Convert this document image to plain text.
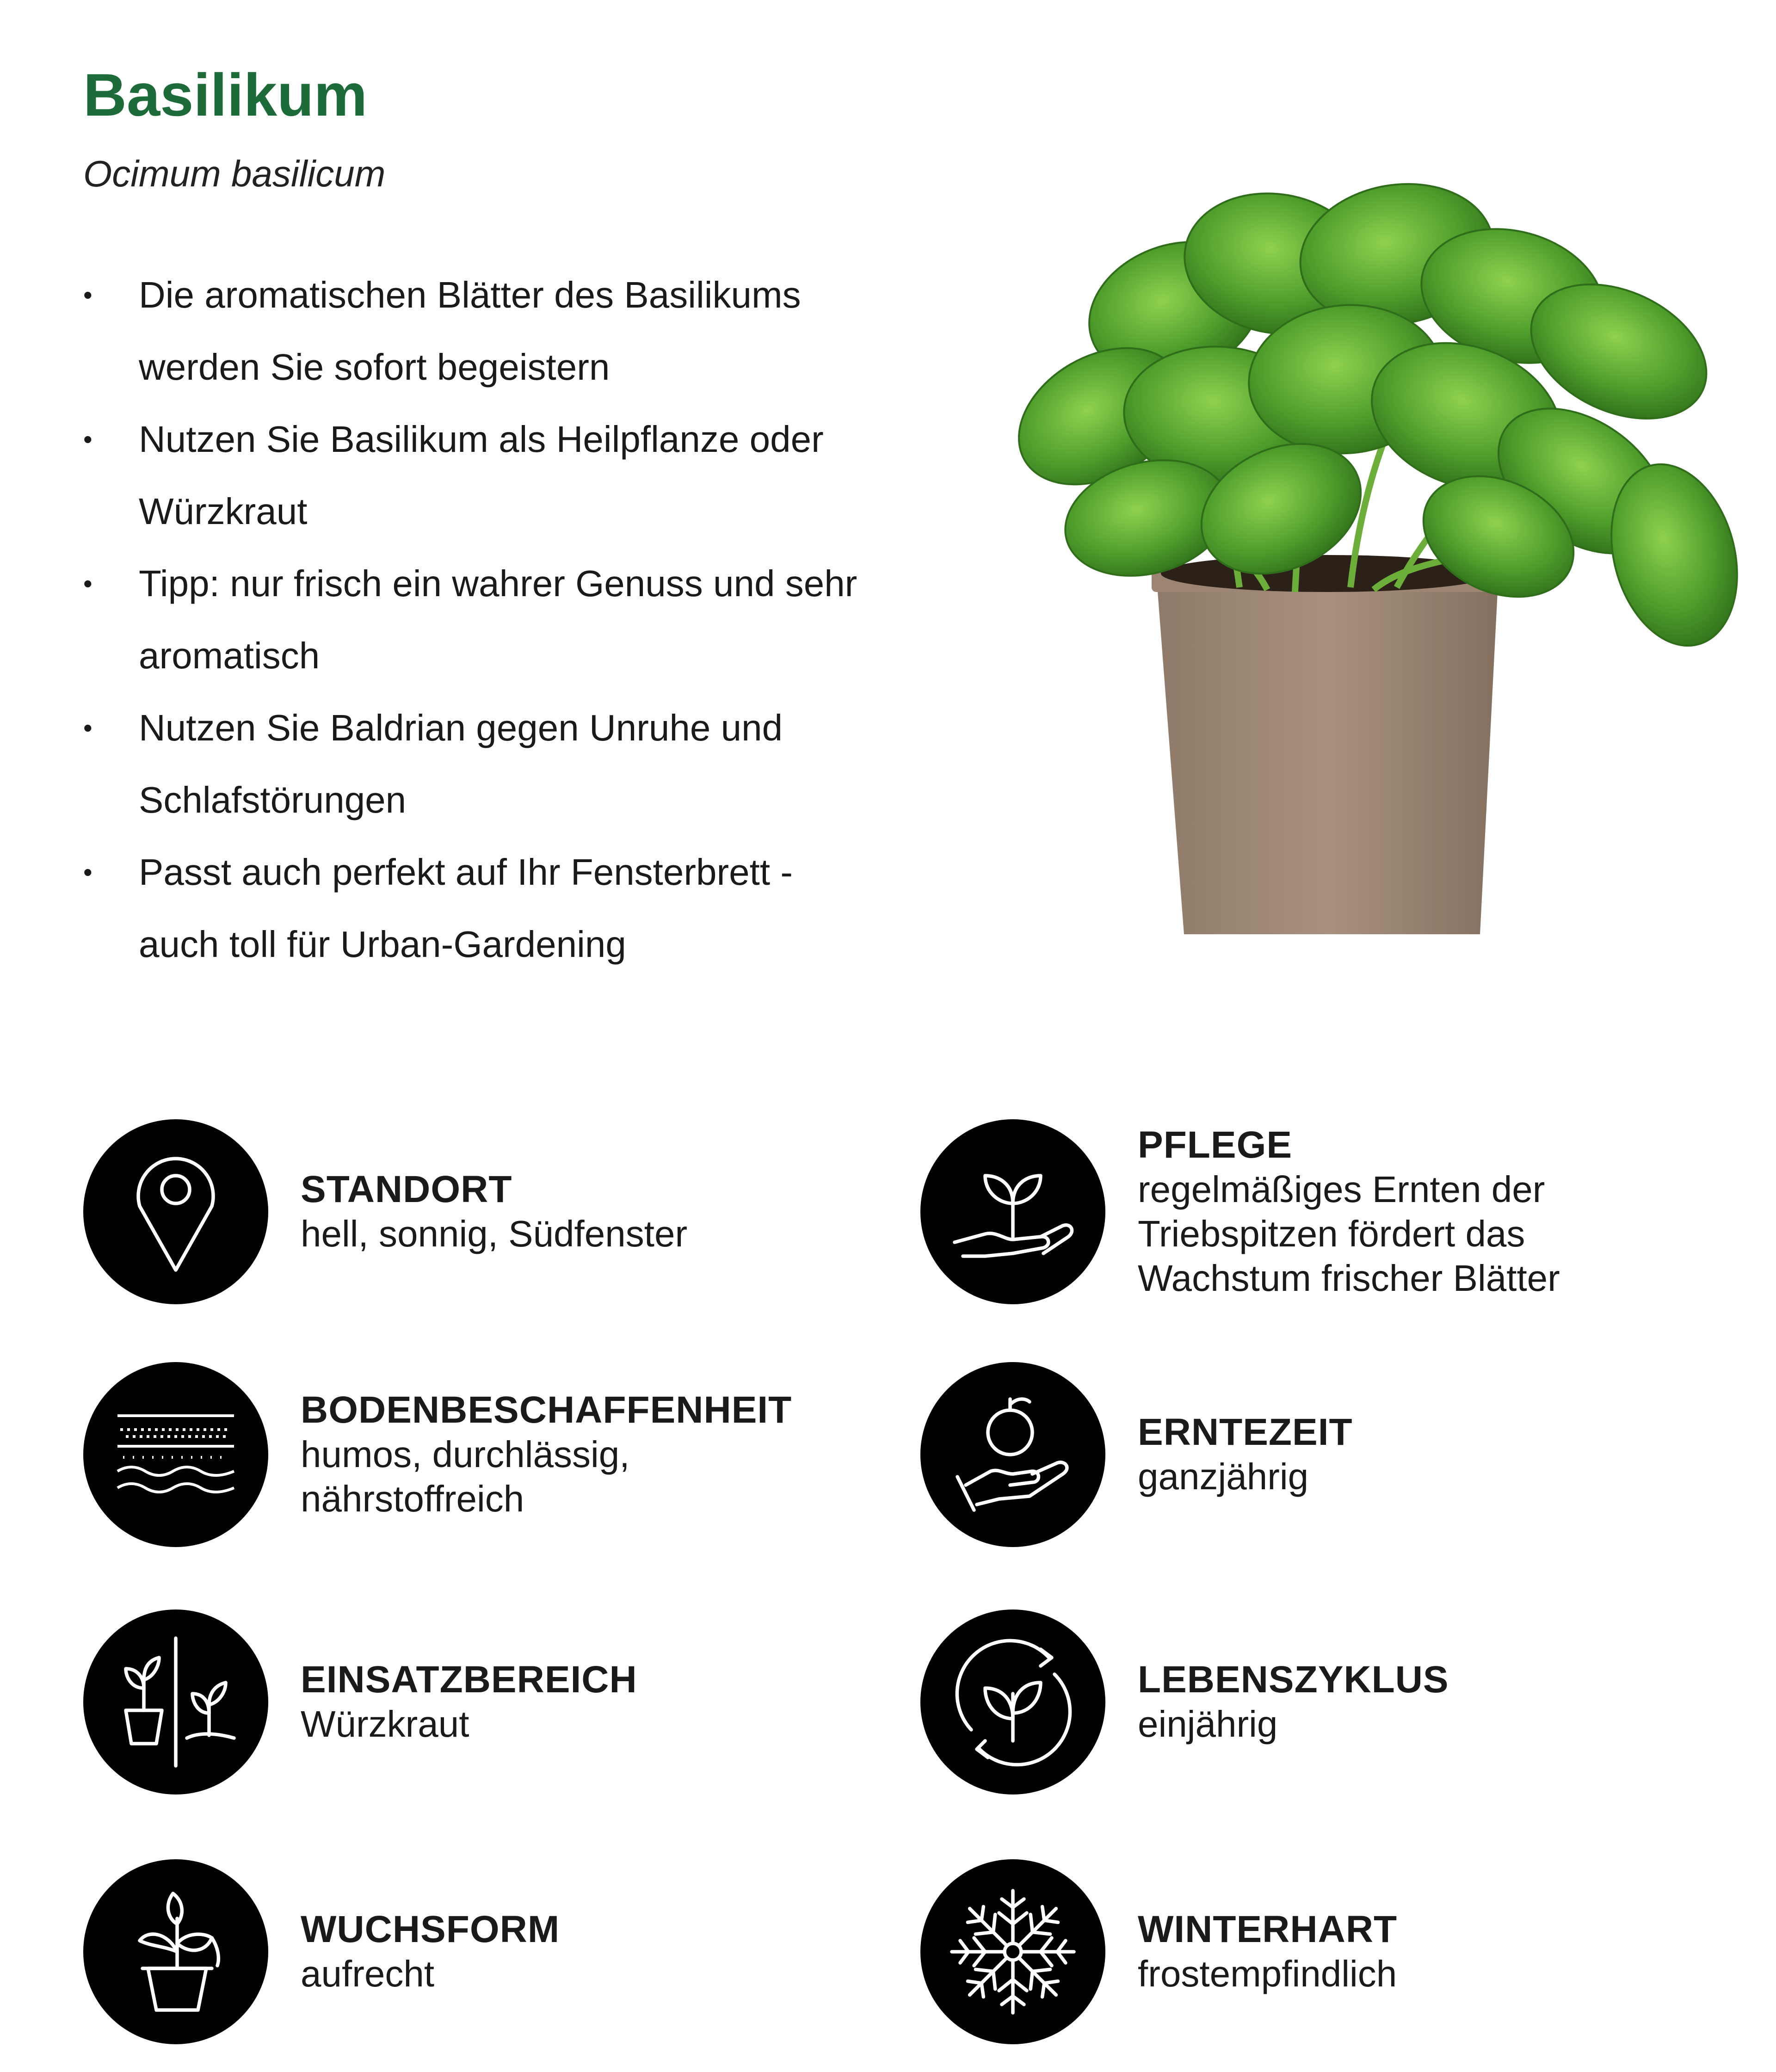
Basilikum
Ocimum basilicum
• Die aromatischen Blätter des Basilikums werden Sie sofort begeistern
• Nutzen Sie Basilikum als Heilpflanze oder Würzkraut
• Tipp: nur frisch ein wahrer Genuss und sehr aromatisch
• Nutzen Sie Baldrian gegen Unruhe und Schlafstörungen
• Passt auch perfekt auf Ihr Fensterbrett - auch toll für Urban-Gardening
STANDORT
hell, sonnig, Südfenster
PFLEGE
regelmäßiges Ernten der Triebspitzen fördert das Wachstum frischer Blätter
BODENBESCHAFFENHEIT
humos, durchlässig, nährstoffreich
ERNTEZEIT
ganzjährig
EINSATZBEREICH
Würzkraut
LEBENSZYKLUS
einjährig
WUCHSFORM
aufrecht
WINTERHART
frostempfindlich
